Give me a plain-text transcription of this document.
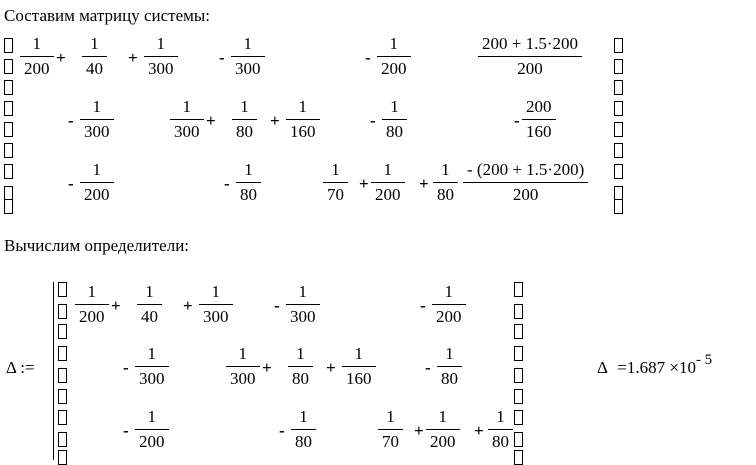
Составим матрицу системы:
Вычислим определители:
1
200
+
1
40
+
1
300
-
1
300
-
1
200
200 + 1.5·200
200
-
1
300
1
300
+
1
80
+
1
160
-
1
80
-
200
160
-
1
200
-
1
80
1
70
+
1
200
+
1
80
- (200 + 1.5·200)
200
1
200
+
1
40
+
1
300
-
1
300
-
1
200
-
1
300
1
300
+
1
80
+
1
160
-
1
80
-
1
200
-
1
80
1
70
+
1
200
+
1
80
Δ :=	Δ =1.687 ×10- 5
